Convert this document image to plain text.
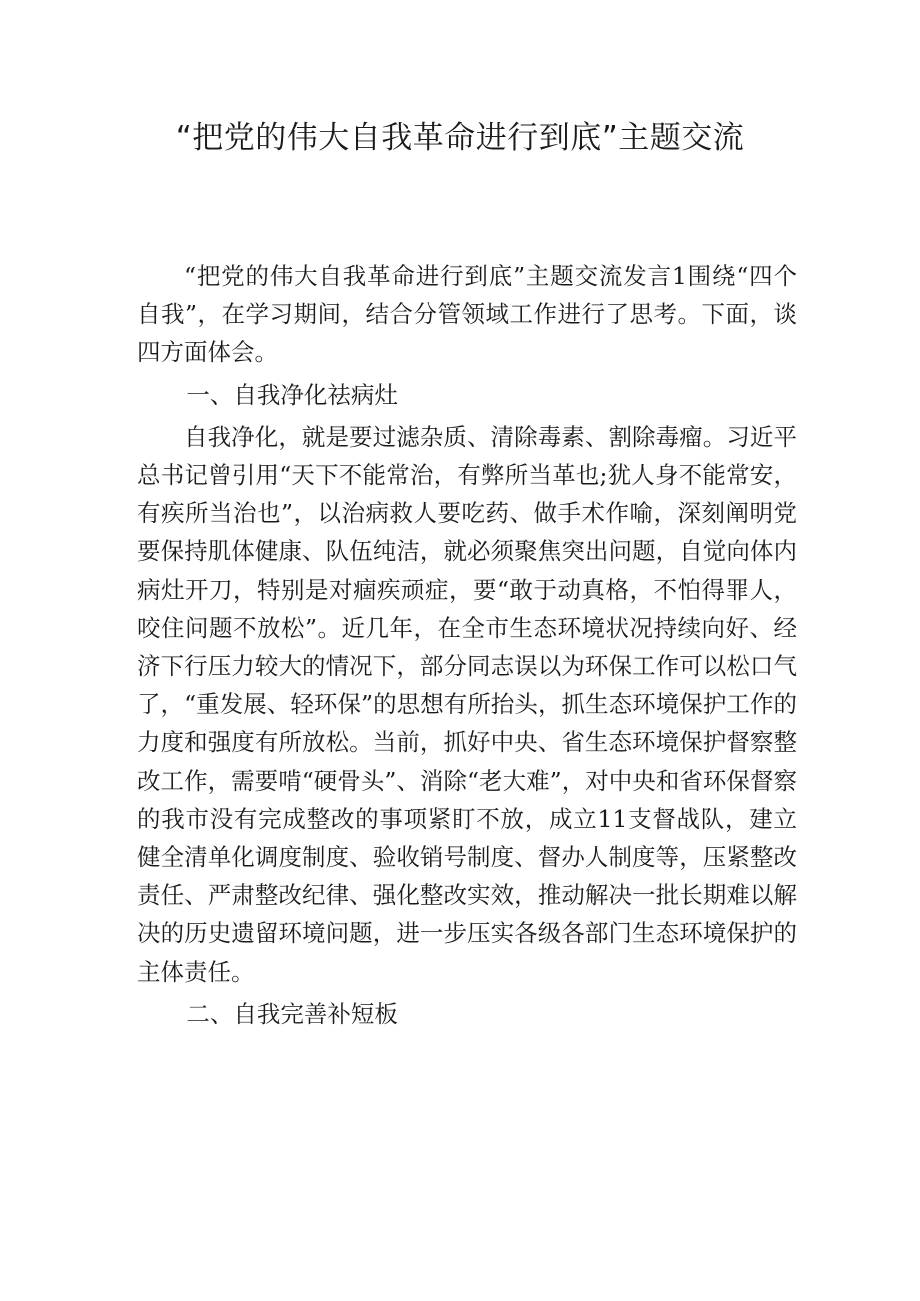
“把党的伟大自我革命进行到底”主题交流

“把党的伟大自我革命进行到底”主题交流发言1围绕“四个自我”，在学习期间，结合分管领域工作进行了思考。下面，谈四方面体会。

一、自我净化祛病灶

自我净化，就是要过滤杂质、清除毒素、割除毒瘤。习近平总书记曾引用“天下不能常治，有弊所当革也;犹人身不能常安，有疾所当治也”，以治病救人要吃药、做手术作喻，深刻阐明党要保持肌体健康、队伍纯洁，就必须聚焦突出问题，自觉向体内病灶开刀，特别是对痼疾顽症，要“敢于动真格，不怕得罪人，咬住问题不放松”。近几年，在全市生态环境状况持续向好、经济下行压力较大的情况下，部分同志误以为环保工作可以松口气了，“重发展、轻环保”的思想有所抬头，抓生态环境保护工作的力度和强度有所放松。当前，抓好中央、省生态环境保护督察整改工作，需要啃“硬骨头”、消除“老大难”，对中央和省环保督察的我市没有完成整改的事项紧盯不放，成立11支督战队，建立健全清单化调度制度、验收销号制度、督办人制度等，压紧整改责任、严肃整改纪律、强化整改实效，推动解决一批长期难以解决的历史遗留环境问题，进一步压实各级各部门生态环境保护的主体责任。

二、自我完善补短板
